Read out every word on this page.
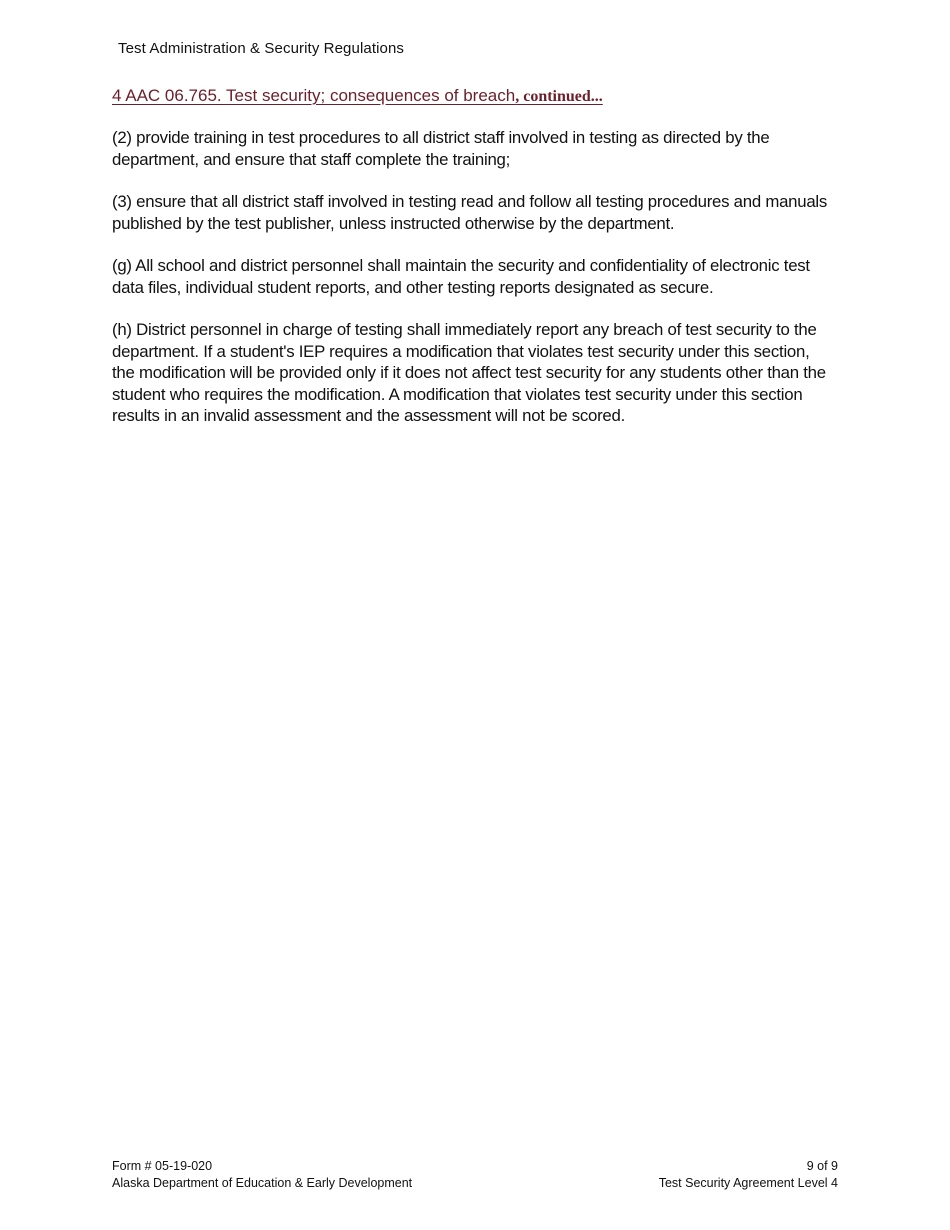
Test Administration & Security Regulations
4 AAC 06.765. Test security; consequences of breach, continued...

(2) provide training in test procedures to all district staff involved in testing as directed by the department, and ensure that staff complete the training;

(3) ensure that all district staff involved in testing read and follow all testing procedures and manuals published by the test publisher, unless instructed otherwise by the department.

(g) All school and district personnel shall maintain the security and confidentiality of electronic test data files, individual student reports, and other testing reports designated as secure.

(h) District personnel in charge of testing shall immediately report any breach of test security to the department. If a student's IEP requires a modification that violates test security under this section, the modification will be provided only if it does not affect test security for any students other than the student who requires the modification. A modification that violates test security under this section results in an invalid assessment and the assessment will not be scored.

Form # 05-19-020
Alaska Department of Education & Early Development
9 of 9
Test Security Agreement Level 4
